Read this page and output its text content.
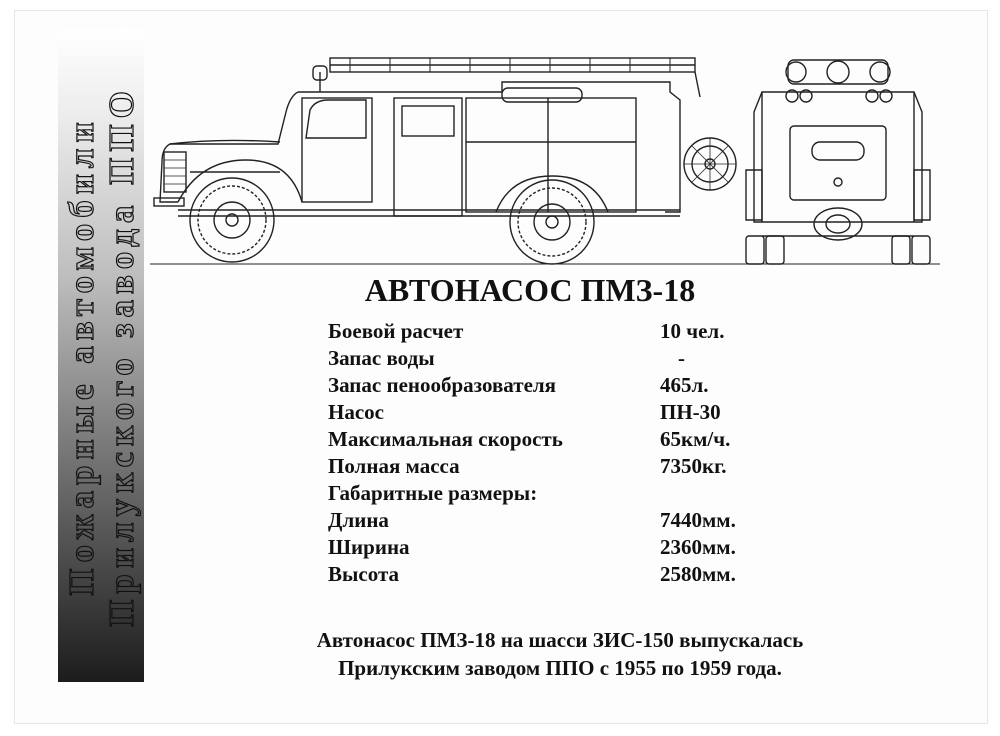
Пожарные автомобили Прилукского завода ППО	АВТОНАСОС ПМЗ-18
Боевой расчет	10 чел.
Запас воды	-
Запас пенообразователя	465л.
Насос	ПН-30
Максимальная скорость	65км/ч.
Полная масса	7350кг.
Габаритные размеры:
Длина	7440мм.
Ширина	2360мм.
Высота	2580мм.
Автонасос ПМЗ-18 на шасси ЗИС-150 выпускалась
Прилукским заводом ППО с 1955 по 1959 года.
